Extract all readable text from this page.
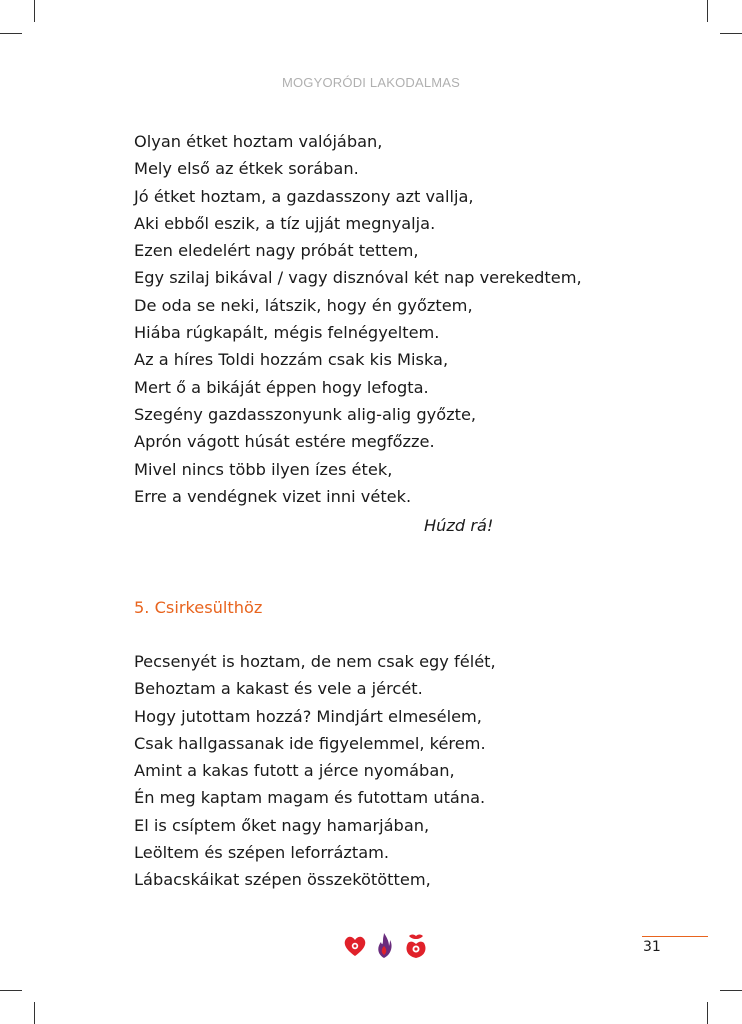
MOGYORÓDI LAKODALMAS
Olyan étket hoztam valójában,
Mely első az étkek sorában.
Jó étket hoztam, a gazdasszony azt vallja,
Aki ebből eszik, a tíz ujját megnyalja.
Ezen eledelért nagy próbát tettem,
Egy szilaj bikával / vagy disznóval két nap verekedtem,
De oda se neki, látszik, hogy én győztem,
Hiába rúgkapált, mégis felnégyeltem.
Az a híres Toldi hozzám csak kis Miska,
Mert ő a bikáját éppen hogy lefogta.
Szegény gazdasszonyunk alig-alig győzte,
Aprón vágott húsát estére megfőzze.
Mivel nincs több ilyen ízes étek,
Erre a vendégnek vizet inni vétek.
Húzd rá!
5. Csirkesülthöz
Pecsenyét is hoztam, de nem csak egy félét,
Behoztam a kakast és vele a jércét.
Hogy jutottam hozzá? Mindjárt elmesélem,
Csak hallgassanak ide figyelemmel, kérem.
Amint a kakas futott a jérce nyomában,
Én meg kaptam magam és futottam utána.
El is csíptem őket nagy hamarjában,
Leöltem és szépen leforráztam.
Lábacskáikat szépen összekötöttem,
31
